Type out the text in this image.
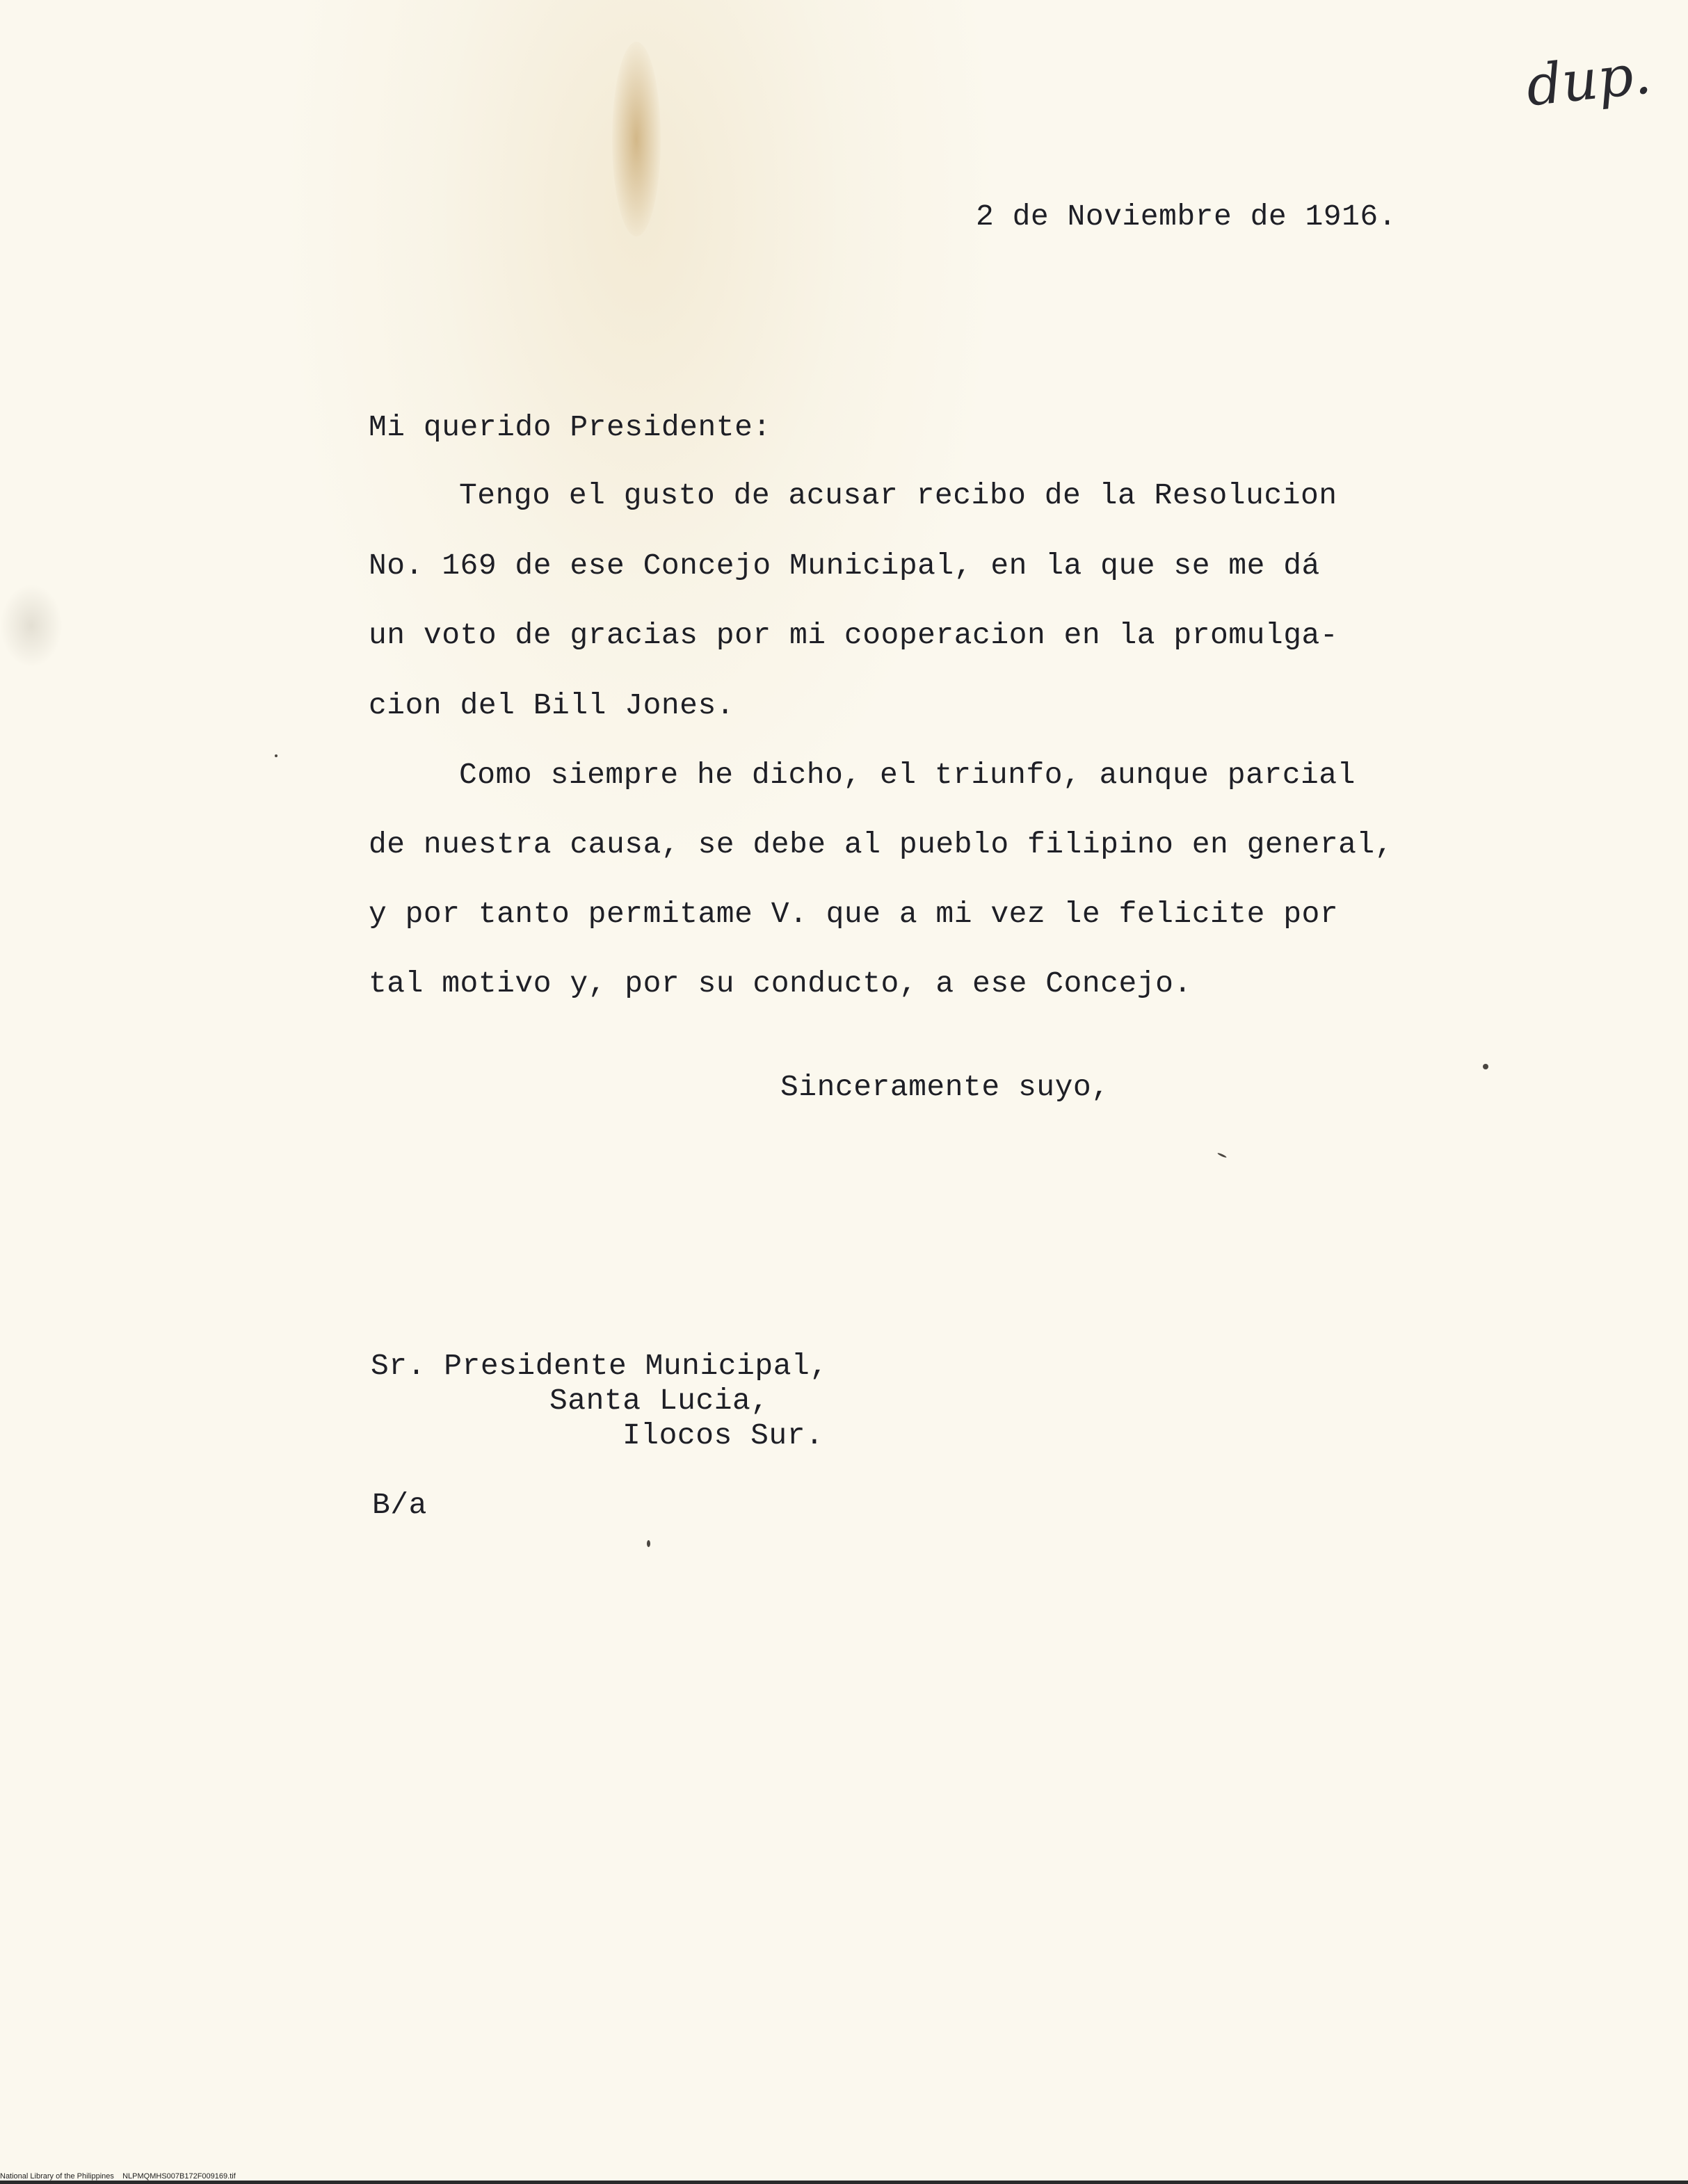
dup.
2 de Noviembre de 1916.
Mi querido Presidente:
Tengo el gusto de acusar recibo de la Resolucion
No. 169 de ese Concejo Municipal, en la que se me dá
un voto de gracias por mi cooperacion en la promulga-
cion del Bill Jones.
Como siempre he dicho, el triunfo, aunque parcial
de nuestra causa, se debe al pueblo filipino en general,
y por tanto permitame V. que a mi vez le felicite por
tal motivo y, por su conducto, a ese Concejo.
Sinceramente suyo,
Sr. Presidente Municipal,
Santa Lucia,
Ilocos Sur.
B/a
National Library of the Philippines NLPMQMHS007B172F009169.tif
